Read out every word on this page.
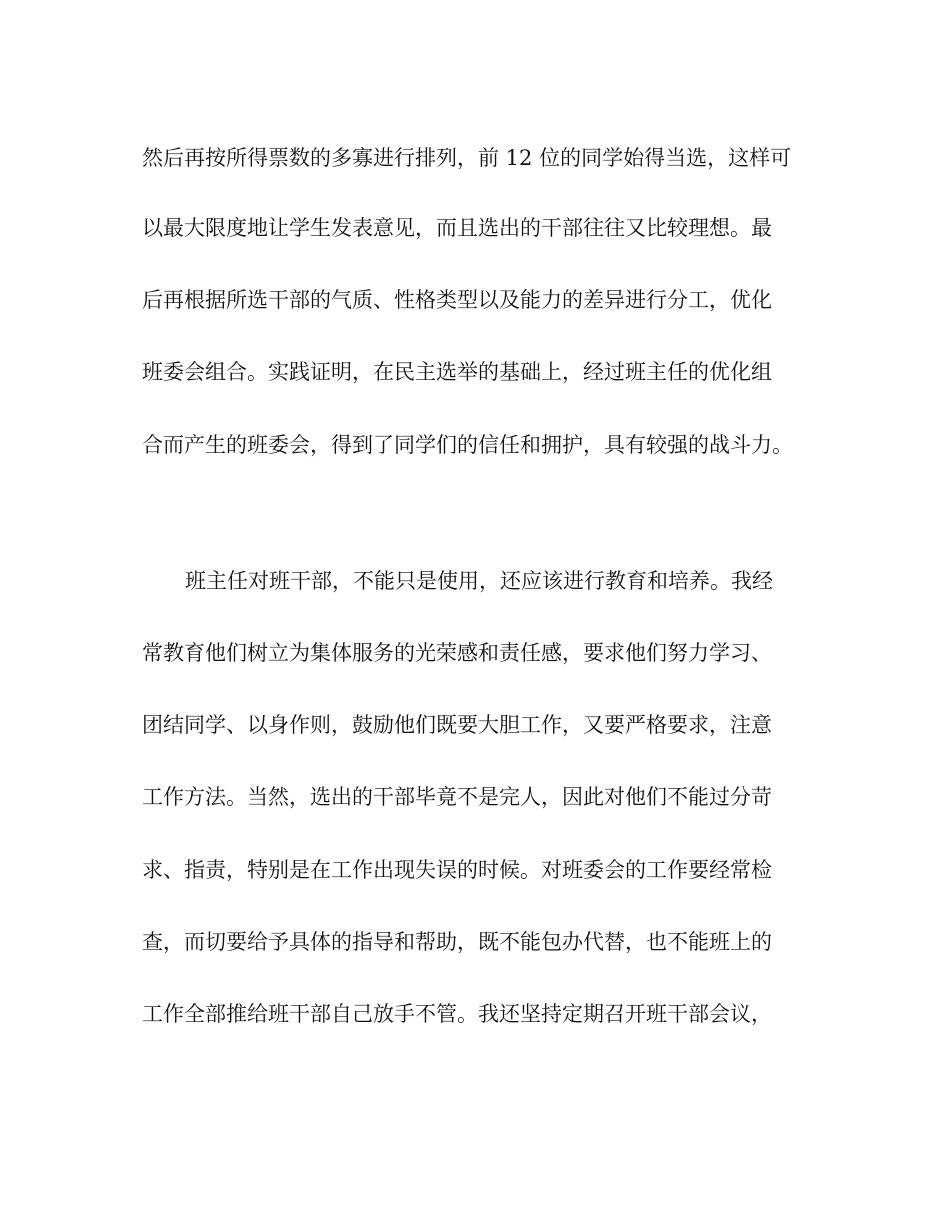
然后再按所得票数的多寡进行排列，前 12 位的同学始得当选，这样可
以最大限度地让学生发表意见，而且选出的干部往往又比较理想。最
后再根据所选干部的气质、性格类型以及能力的差异进行分工，优化
班委会组合。实践证明，在民主选举的基础上，经过班主任的优化组
合而产生的班委会，得到了同学们的信任和拥护，具有较强的战斗力。
班主任对班干部，不能只是使用，还应该进行教育和培养。我经
常教育他们树立为集体服务的光荣感和责任感，要求他们努力学习、
团结同学、以身作则，鼓励他们既要大胆工作，又要严格要求，注意
工作方法。当然，选出的干部毕竟不是完人，因此对他们不能过分苛
求、指责，特别是在工作出现失误的时候。对班委会的工作要经常检
查，而切要给予具体的指导和帮助，既不能包办代替，也不能班上的
工作全部推给班干部自己放手不管。我还坚持定期召开班干部会议，
